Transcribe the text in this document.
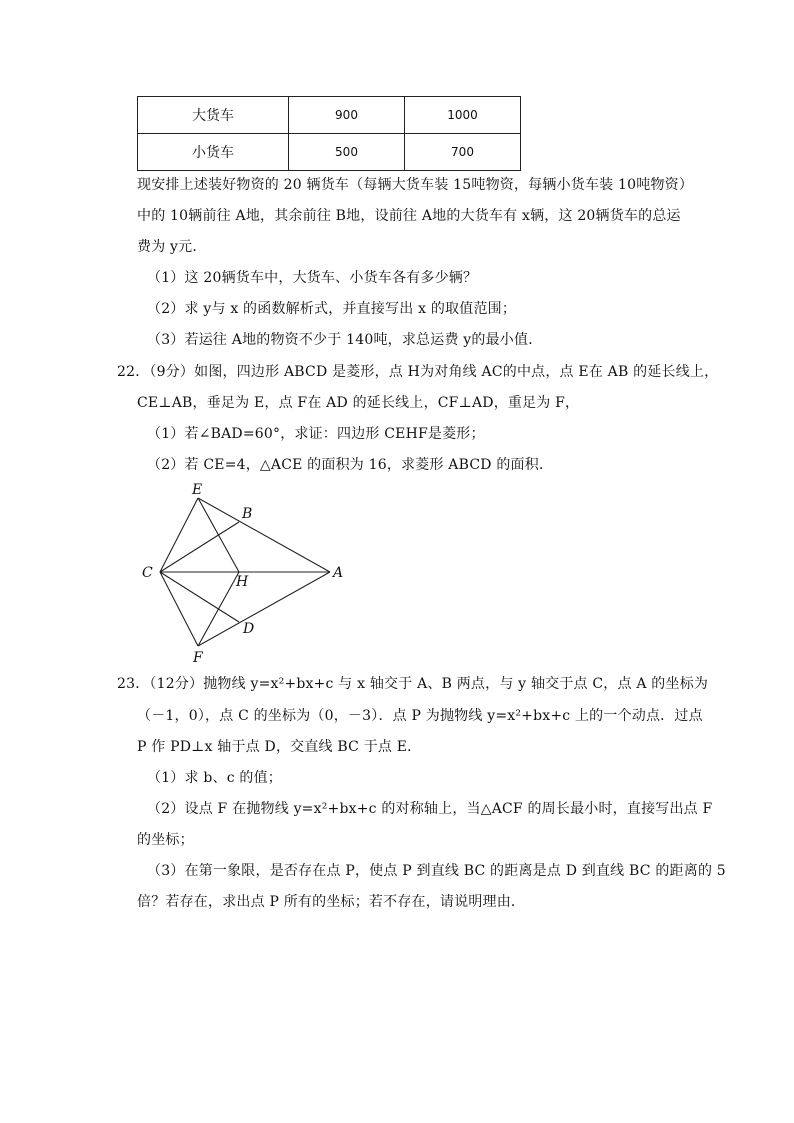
大货车	900	1000
小货车	500	700
现安排上述装好物资的 20 辆货车（每辆大货车装 15吨物资，每辆小货车装 10吨物资）
中的 10辆前往 A地，其余前往 B地，设前往 A地的大货车有 x辆，这 20辆货车的总运
费为 y元．
（1）这 20辆货车中，大货车、小货车各有多少辆？
（2）求 y与 x 的函数解析式，并直接写出 x 的取值范围；
（3）若运往 A地的物资不少于 140吨，求总运费 y的最小值．
22．（9分）如图，四边形 ABCD 是菱形，点 H为对角线 AC的中点，点 E在 AB 的延长线上，
CE⊥AB，垂足为 E，点 F在 AD 的延长线上，CF⊥AD，重足为 F，
（1）若∠BAD=60°，求证：四边形 CEHF是菱形；
（2）若 CE=4，△ACE 的面积为 16，求菱形 ABCD 的面积．
E
B
C
H
A
D
F
23．（12分）抛物线 y=x²+bx+c 与 x 轴交于 A、B 两点，与 y 轴交于点 C，点 A 的坐标为
（－1，0），点 C 的坐标为（0，－3）．点 P 为抛物线 y=x²+bx+c 上的一个动点．过点
P 作 PD⊥x 轴于点 D，交直线 BC 于点 E．
（1）求 b、c 的值；
（2）设点 F 在抛物线 y=x²+bx+c 的对称轴上，当△ACF 的周长最小时，直接写出点 F
的坐标；
（3）在第一象限，是否存在点 P，使点 P 到直线 BC 的距离是点 D 到直线 BC 的距离的 5
倍？若存在，求出点 P 所有的坐标；若不存在，请说明理由．
